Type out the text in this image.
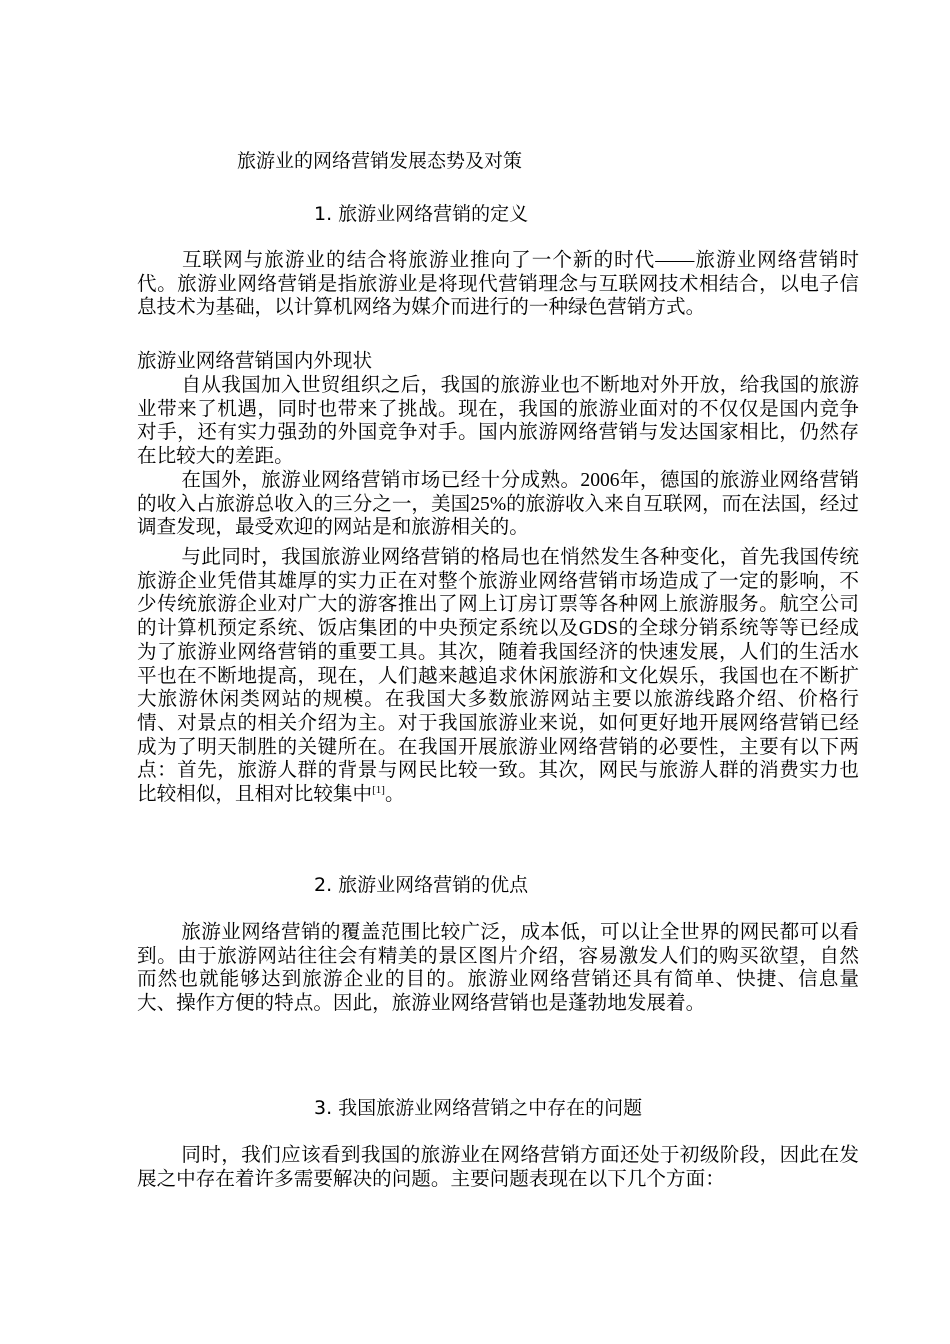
旅游业的网络营销发展态势及对策
1. 旅游业网络营销的定义
互联网与旅游业的结合将旅游业推向了一个新的时代——旅游业网络营销时代。旅游业网络营销是指旅游业是将现代营销理念与互联网技术相结合，以电子信息技术为基础，以计算机网络为媒介而进行的一种绿色营销方式。
旅游业网络营销国内外现状
自从我国加入世贸组织之后，我国的旅游业也不断地对外开放，给我国的旅游业带来了机遇，同时也带来了挑战。现在，我国的旅游业面对的不仅仅是国内竞争对手，还有实力强劲的外国竞争对手。国内旅游网络营销与发达国家相比，仍然存在比较大的差距。
在国外，旅游业网络营销市场已经十分成熟。2006年，德国的旅游业网络营销的收入占旅游总收入的三分之一，美国25%的旅游收入来自互联网，而在法国，经过调查发现，最受欢迎的网站是和旅游相关的。
与此同时，我国旅游业网络营销的格局也在悄然发生各种变化，首先我国传统旅游企业凭借其雄厚的实力正在对整个旅游业网络营销市场造成了一定的影响，不少传统旅游企业对广大的游客推出了网上订房订票等各种网上旅游服务。航空公司的计算机预定系统、饭店集团的中央预定系统以及GDS的全球分销系统等等已经成为了旅游业网络营销的重要工具。其次，随着我国经济的快速发展，人们的生活水平也在不断地提高，现在，人们越来越追求休闲旅游和文化娱乐，我国也在不断扩大旅游休闲类网站的规模。在我国大多数旅游网站主要以旅游线路介绍、价格行情、对景点的相关介绍为主。对于我国旅游业来说，如何更好地开展网络营销已经成为了明天制胜的关键所在。在我国开展旅游业网络营销的必要性，主要有以下两点：首先，旅游人群的背景与网民比较一致。其次，网民与旅游人群的消费实力也比较相似，且相对比较集中[1]。
2. 旅游业网络营销的优点
旅游业网络营销的覆盖范围比较广泛，成本低，可以让全世界的网民都可以看到。由于旅游网站往往会有精美的景区图片介绍，容易激发人们的购买欲望，自然而然也就能够达到旅游企业的目的。旅游业网络营销还具有简单、快捷、信息量大、操作方便的特点。因此，旅游业网络营销也是蓬勃地发展着。
3. 我国旅游业网络营销之中存在的问题
同时，我们应该看到我国的旅游业在网络营销方面还处于初级阶段，因此在发展之中存在着许多需要解决的问题。主要问题表现在以下几个方面：
